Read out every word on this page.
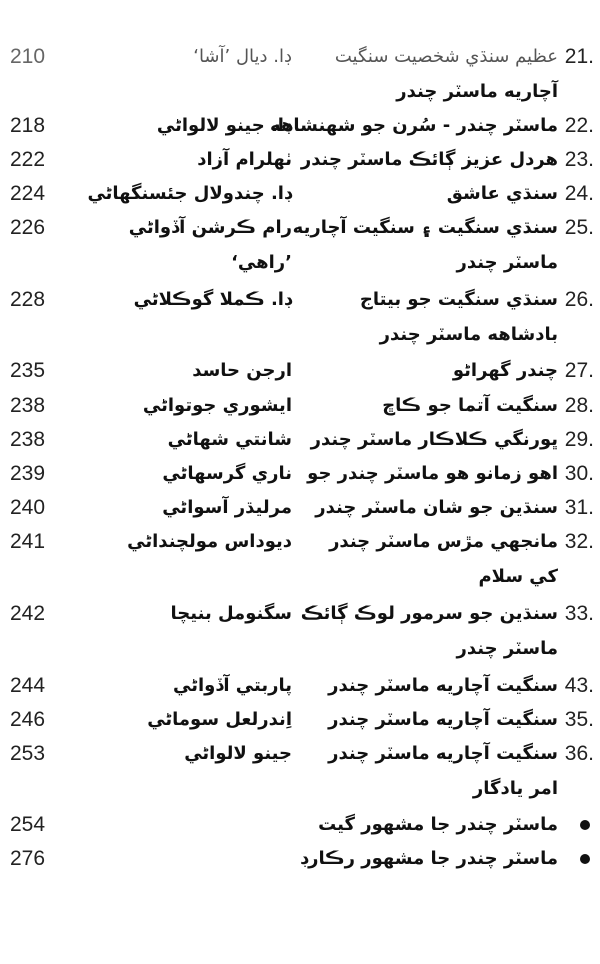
21.
عظيم سنڌي شخصيت سنگيت
ڊا. ديال ’آشا‘
210
آچاريه ماسٽر چندر
22.
ماسٽر چندر - سُرن جو شهنشاهه
ڊا. جينو لالواڻي
218
23.
هردل عزيز ڳائڪ ماسٽر چندر
ٺهلرام آزاد
222
24.
سنڌي عاشق
ڊا. چندولال جئسنگهاڻي
224
25.
سنڌي سنگيت ۽ سنگيت آچاريه
رام ڪرشن آڏواڻي
226
ماسٽر چندر
’راهي‘
26.
سنڌي سنگيت جو بيتاج
ڊا. ڪملا گوڪلاڻي
228
بادشاهه ماسٽر چندر
27.
چندر گهراڻو
ارجن حاسد
235
28.
سنگيت آتما جو ڪاڇ
ايشوري جوتواڻي
238
29.
ڀورنگي ڪلاڪار ماسٽر چندر
شانتي شهاڻي
238
30.
اهو زمانو هو ماسٽر چندر جو
ناري گرسهاڻي
239
31.
سنڌين جو شان ماسٽر چندر
مرليڌر آسواڻي
240
32.
مانجهي مڙس ماسٽر چندر
ديوداس مولچنداڻي
241
کي سلام
33.
سنڌين جو سرمور لوڪ ڳائڪ
سگنومل بنيچا
242
ماسٽر چندر
43.
سنگيت آچاريه ماسٽر چندر
پاربتي آڏواڻي
244
35.
سنگيت آچاريه ماسٽر چندر
اِندرلعل سوماڻي
246
36.
سنگيت آچاريه ماسٽر چندر
جينو لالواڻي
253
امر يادگار
ماسٽر چندر جا مشهور گيت
254
ماسٽر چندر جا مشهور رڪارڊ
276
